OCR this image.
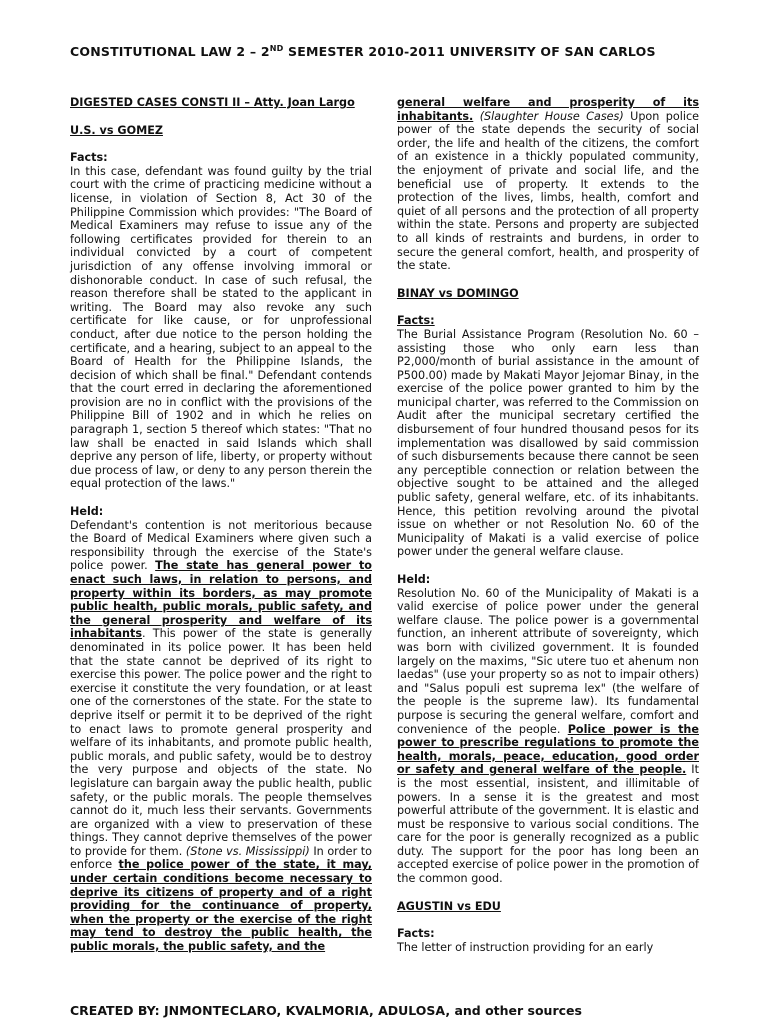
CONSTITUTIONAL LAW 2 – 2ND SEMESTER 2010-2011 UNIVERSITY OF SAN CARLOS

DIGESTED CASES CONSTI II – Atty. Joan Largo

U.S. vs GOMEZ

Facts:

In this case, defendant was found guilty by the trial court with the crime of practicing medicine without a license, in violation of Section 8, Act 30 of the Philippine Commission which provides: "The Board of Medical Examiners may refuse to issue any of the following certificates provided for therein to an individual convicted by a court of competent jurisdiction of any offense involving immoral or dishonorable conduct. In case of such refusal, the reason therefore shall be stated to the applicant in writing. The Board may also revoke any such certificate for like cause, or for unprofessional conduct, after due notice to the person holding the certificate, and a hearing, subject to an appeal to the Board of Health for the Philippine Islands, the decision of which shall be final." Defendant contends that the court erred in declaring the aforementioned provision are no in conflict with the provisions of the Philippine Bill of 1902 and in which he relies on paragraph 1, section 5 thereof which states: "That no law shall be enacted in said Islands which shall deprive any person of life, liberty, or property without due process of law, or deny to any person therein the equal protection of the laws."

Held:

Defendant's contention is not meritorious because the Board of Medical Examiners where given such a responsibility through the exercise of the State's police power. The state has general power to enact such laws, in relation to persons, and property within its borders, as may promote public health, public morals, public safety, and the general prosperity and welfare of its inhabitants. This power of the state is generally denominated in its police power. It has been held that the state cannot be deprived of its right to exercise this power. The police power and the right to exercise it constitute the very foundation, or at least one of the cornerstones of the state. For the state to deprive itself or permit it to be deprived of the right to enact laws to promote general prosperity and welfare of its inhabitants, and promote public health, public morals, and public safety, would be to destroy the very purpose and objects of the state. No legislature can bargain away the public health, public safety, or the public morals. The people themselves cannot do it, much less their servants. Governments are organized with a view to preservation of these things. They cannot deprive themselves of the power to provide for them. (Stone vs. Mississippi) In order to enforce the police power of the state, it may, under certain conditions become necessary to deprive its citizens of property and of a right providing for the continuance of property, when the property or the exercise of the right may tend to destroy the public health, the public morals, the public safety, and the

general welfare and prosperity of its inhabitants. (Slaughter House Cases) Upon police power of the state depends the security of social order, the life and health of the citizens, the comfort of an existence in a thickly populated community, the enjoyment of private and social life, and the beneficial use of property. It extends to the protection of the lives, limbs, health, comfort and quiet of all persons and the protection of all property within the state. Persons and property are subjected to all kinds of restraints and burdens, in order to secure the general comfort, health, and prosperity of the state.

BINAY vs DOMINGO

Facts:

The Burial Assistance Program (Resolution No. 60 – assisting those who only earn less than P2,000/month of burial assistance in the amount of P500.00) made by Makati Mayor Jejomar Binay, in the exercise of the police power granted to him by the municipal charter, was referred to the Commission on Audit after the municipal secretary certified the disbursement of four hundred thousand pesos for its implementation was disallowed by said commission of such disbursements because there cannot be seen any perceptible connection or relation between the objective sought to be attained and the alleged public safety, general welfare, etc. of its inhabitants. Hence, this petition revolving around the pivotal issue on whether or not Resolution No. 60 of the Municipality of Makati is a valid exercise of police power under the general welfare clause.

Held:

Resolution No. 60 of the Municipality of Makati is a valid exercise of police power under the general welfare clause. The police power is a governmental function, an inherent attribute of sovereignty, which was born with civilized government. It is founded largely on the maxims, "Sic utere tuo et ahenum non laedas" (use your property so as not to impair others) and "Salus populi est suprema lex" (the welfare of the people is the supreme law). Its fundamental purpose is securing the general welfare, comfort and convenience of the people. Police power is the power to prescribe regulations to promote the health, morals, peace, education, good order or safety and general welfare of the people. It is the most essential, insistent, and illimitable of powers. In a sense it is the greatest and most powerful attribute of the government. It is elastic and must be responsive to various social conditions. The care for the poor is generally recognized as a public duty. The support for the poor has long been an accepted exercise of police power in the promotion of the common good.

AGUSTIN vs EDU

Facts:

The letter of instruction providing for an early

CREATED BY: JNMONTECLARO, KVALMORIA, ADULOSA, and other sources
